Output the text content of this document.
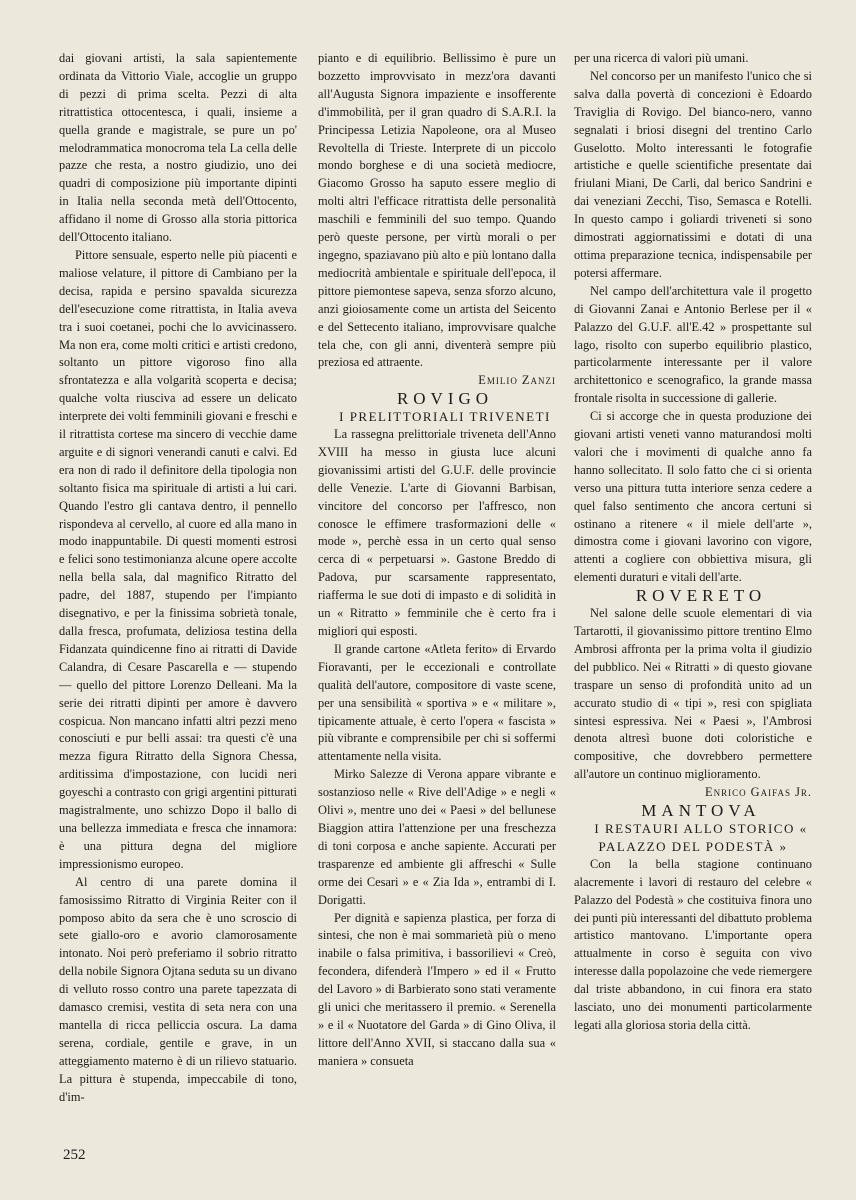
dai giovani artisti, la sala sapientemente ordinata da Vittorio Viale, accoglie un gruppo di pezzi di prima scelta. Pezzi di alta ritrattistica ottocentesca, i quali, insieme a quella grande e magistrale, se pure un po' melodrammatica monocroma tela La cella delle pazze che resta, a nostro giudizio, uno dei quadri di composizione più importante dipinti in Italia nella seconda metà dell'Ottocento, affidano il nome di Grosso alla storia pittorica dell'Ottocento italiano.

Pittore sensuale, esperto nelle più piacenti e maliose velature, il pittore di Cambiano per la decisa, rapida e persino spavalda sicurezza dell'esecuzione come ritrattista, in Italia aveva tra i suoi coetanei, pochi che lo avvicinassero. Ma non era, come molti critici e artisti credono, soltanto un pittore vigoroso fino alla sfrontatezza e alla volgarità scoperta e decisa; qualche volta riusciva ad essere un delicato interprete dei volti femminili giovani e freschi e il ritrattista cortese ma sincero di vecchie dame arguite e di signori venerandi canuti e calvi. Ed era non di rado il definitore della tipologia non soltanto fisica ma spirituale di artisti a lui cari. Quando l'estro gli cantava dentro, il pennello rispondeva al cervello, al cuore ed alla mano in modo inappuntabile. Di questi momenti estrosi e felici sono testimonianza alcune opere accolte nella bella sala, dal magnifico Ritratto del padre, del 1887, stupendo per l'impianto disegnativo, e per la finissima sobrietà tonale, dalla fresca, profumata, deliziosa testina della Fidanzata quindicenne fino ai ritratti di Davide Calandra, di Cesare Pascarella e — stupendo — quello del pittore Lorenzo Delleani. Ma la serie dei ritratti dipinti per amore è davvero cospicua. Non mancano infatti altri pezzi meno conosciuti e pur belli assai: tra questi c'è una mezza figura Ritratto della Signora Chessa, arditissima d'impostazione, con lucidi neri goyeschi a contrasto con grigi argentini pitturati magistralmente, uno schizzo Dopo il ballo di una bellezza immediata e fresca che innamora: è una pittura degna del migliore impressionismo europeo.

Al centro di una parete domina il famosissimo Ritratto di Virginia Reiter con il pomposo abito da sera che è uno scroscio di sete giallo-oro e avorio clamorosamente intonato. Noi però preferiamo il sobrio ritratto della nobile Signora Ojtana seduta su un divano di velluto rosso contro una parete tapezzata di damasco cremisi, vestita di seta nera con una mantella di ricca pelliccia oscura. La dama serena, cordiale, gentile e grave, in un atteggiamento materno è di un rilievo statuario. La pittura è stupenda, impeccabile di tono, d'im-

pianto e di equilibrio. Bellissimo è pure un bozzetto improvvisato in mezz'ora davanti all'Augusta Signora impaziente e insofferente d'immobilità, per il gran quadro di S.A.R.I. la Principessa Letizia Napoleone, ora al Museo Revoltella di Trieste. Interprete di un piccolo mondo borghese e di una società mediocre, Giacomo Grosso ha saputo essere meglio di molti altri l'efficace ritrattista delle personalità maschili e femminili del suo tempo. Quando però queste persone, per virtù morali o per ingegno, spaziavano più alto e più lontano dalla mediocrità ambientale e spirituale dell'epoca, il pittore piemontese sapeva, senza sforzo alcuno, anzi gioiosamente come un artista del Seicento e del Settecento italiano, improvvisare qualche tela che, con gli anni, diventerà sempre più preziosa ed attraente.

Emilio Zanzi

ROVIGO

I PRELITTORIALI TRIVENETI

La rassegna prelittoriale triveneta dell'Anno XVIII ha messo in giusta luce alcuni giovanissimi artisti del G.U.F. delle provincie delle Venezie. L'arte di Giovanni Barbisan, vincitore del concorso per l'affresco, non conosce le effimere trasformazioni delle « mode », perchè essa in un certo qual senso cerca di « perpetuarsi ». Gastone Breddo di Padova, pur scarsamente rappresentato, riafferma le sue doti di impasto e di solidità in un « Ritratto » femminile che è certo fra i migliori qui esposti.

Il grande cartone «Atleta ferito» di Ervardo Fioravanti, per le eccezionali e controllate qualità dell'autore, compositore di vaste scene, per una sensibilità « sportiva » e « militare », tipicamente attuale, è certo l'opera « fascista » più vibrante e comprensibile per chi si soffermi attentamente nella visita.

Mirko Salezze di Verona appare vibrante e sostanzioso nelle « Rive dell'Adige » e negli « Olivi », mentre uno dei « Paesi » del bellunese Biaggion attira l'attenzione per una freschezza di toni corposa e anche sapiente. Accurati per trasparenze ed ambiente gli affreschi « Sulle orme dei Cesari » e « Zia Ida », entrambi di I. Dorigatti.

Per dignità e sapienza plastica, per forza di sintesi, che non è mai sommarietà più o meno inabile o falsa primitiva, i bassorilievi « Creò, fecondera, difenderà l'Impero » ed il « Frutto del Lavoro » di Barbierato sono stati veramente gli unici che meritassero il premio. « Serenella » e il « Nuotatore del Garda » di Gino Oliva, il littore dell'Anno XVII, si staccano dalla sua « maniera » consueta

per una ricerca di valori più umani.

Nel concorso per un manifesto l'unico che si salva dalla povertà di concezioni è Edoardo Traviglia di Rovigo. Del bianco-nero, vanno segnalati i briosi disegni del trentino Carlo Guselotto. Molto interessanti le fotografie artistiche e quelle scientifiche presentate dai friulani Miani, De Carli, dal berico Sandrini e dai veneziani Zecchi, Tiso, Semasca e Rotelli. In questo campo i goliardi triveneti si sono dimostrati aggiornatissimi e dotati di una ottima preparazione tecnica, indispensabile per potersi affermare.

Nel campo dell'architettura vale il progetto di Giovanni Zanai e Antonio Berlese per il « Palazzo del G.U.F. all'E.42 » prospettante sul lago, risolto con superbo equilibrio plastico, particolarmente interessante per il valore architettonico e scenografico, la grande massa frontale risolta in successione di gallerie.

Ci si accorge che in questa produzione dei giovani artisti veneti vanno maturandosi molti valori che i movimenti di qualche anno fa hanno sollecitato. Il solo fatto che ci si orienta verso una pittura tutta interiore senza cedere a quel falso sentimento che ancora certuni si ostinano a ritenere « il miele dell'arte », dimostra come i giovani lavorino con vigore, attenti a cogliere con obbiettiva misura, gli elementi duraturi e vitali dell'arte.

ROVERETO

Nel salone delle scuole elementari di via Tartarotti, il giovanissimo pittore trentino Elmo Ambrosi affronta per la prima volta il giudizio del pubblico. Nei « Ritratti » di questo giovane traspare un senso di profondità unito ad un accurato studio di « tipi », resi con spigliata sintesi espressiva. Nei « Paesi », l'Ambrosi denota altresì buone doti coloristiche e compositive, che dovrebbero permettere all'autore un continuo miglioramento.

Enrico Gaifas Jr.

MANTOVA

I RESTAURI ALLO STORICO « PALAZZO DEL PODESTÀ »

Con la bella stagione continuano alacremente i lavori di restauro del celebre « Palazzo del Podestà » che costituiva finora uno dei punti più interessanti del dibattuto problema artistico mantovano. L'importante opera attualmente in corso è seguita con vivo interesse dalla popolazoine che vede riemergere dal triste abbandono, in cui finora era stato lasciato, uno dei monumenti particolarmente legati alla gloriosa storia della città.

252
